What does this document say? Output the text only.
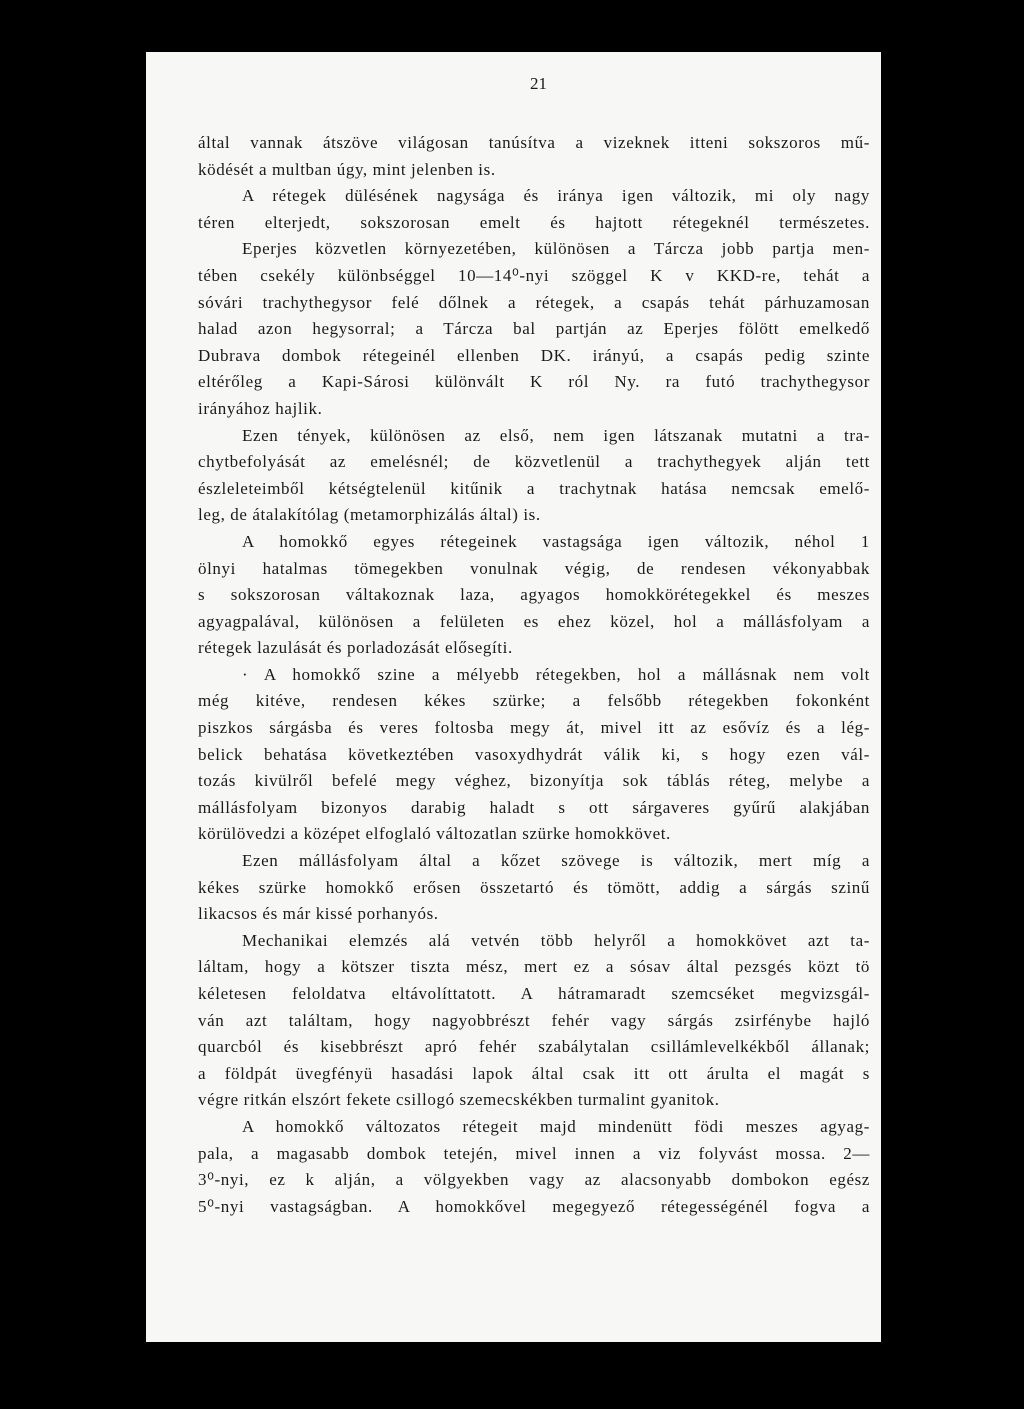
21
által vannak átszöve világosan tanúsítva a vizeknek itteni sokszoros mű-
ködését a multban úgy, mint jelenben is.
A rétegek dülésének nagysága és iránya igen változik, mi oly nagy
téren elterjedt, sokszorosan emelt és hajtott rétegeknél természetes.
Eperjes közvetlen környezetében, különösen a Tárcza jobb partja men-
tében csekély különbséggel 10—14⁰-nyi szöggel K v KKD-re, tehát a
sóvári trachythegysor felé dőlnek a rétegek, a csapás tehát párhuzamosan
halad azon hegysorral; a Tárcza bal partján az Eperjes fölött emelkedő
Dubrava dombok rétegeinél ellenben DK. irányú, a csapás pedig szinte
eltérőleg a Kapi-Sárosi különvált K ról Ny. ra futó trachythegysor
irányához hajlik.
Ezen tények, különösen az első, nem igen látszanak mutatni a tra-
chytbefolyását az emelésnél; de közvetlenül a trachythegyek alján tett
észleleteimből kétségtelenül kitűnik a trachytnak hatása nemcsak emelő-
leg, de átalakítólag (metamorphizálás által) is.
A homokkő egyes rétegeinek vastagsága igen változik, néhol 1
ölnyi hatalmas tömegekben vonulnak végig, de rendesen vékonyabbak
s sokszorosan váltakoznak laza, agyagos homokkörétegekkel és meszes
agyagpalával, különösen a felületen es ehez közel, hol a mállásfolyam a
rétegek lazulását és porladozását elősegíti.
· A homokkő szine a mélyebb rétegekben, hol a mállásnak nem volt
még kitéve, rendesen kékes szürke; a felsőbb rétegekben fokonként
piszkos sárgásba és veres foltosba megy át, mivel itt az esővíz és a lég-
belick behatása következtében vasoxydhydrát válik ki, s hogy ezen vál-
tozás kivülről befelé megy véghez, bizonyítja sok táblás réteg, melybe a
mállásfolyam bizonyos darabig haladt s ott sárgaveres gyűrű alakjában
körülövedzi a középet elfoglaló változatlan szürke homokkövet.
Ezen mállásfolyam által a kőzet szövege is változik, mert míg a
kékes szürke homokkő erősen összetartó és tömött, addig a sárgás szinű
likacsos és már kissé porhanyós.
Mechanikai elemzés alá vetvén több helyről a homokkövet azt ta-
láltam, hogy a kötszer tiszta mész, mert ez a sósav által pezsgés közt tö
kéletesen feloldatva eltávolíttatott. A hátramaradt szemcséket megvizsgál-
ván azt találtam, hogy nagyobbrészt fehér vagy sárgás zsirfénybe hajló
quarcból és kisebbrészt apró fehér szabálytalan csillámlevelkékből állanak;
a földpát üvegfényü hasadási lapok által csak itt ott árulta el magát s
végre ritkán elszórt fekete csillogó szemecskékben turmalint gyanitok.
A homokkő változatos rétegeit majd mindenütt födi meszes agyag-
pala, a magasabb dombok tetején, mivel innen a viz folyvást mossa. 2—
3⁰-nyi, ez k alján, a völgyekben vagy az alacsonyabb dombokon egész
5⁰-nyi vastagságban. A homokkővel megegyező rétegességénél fogva a
